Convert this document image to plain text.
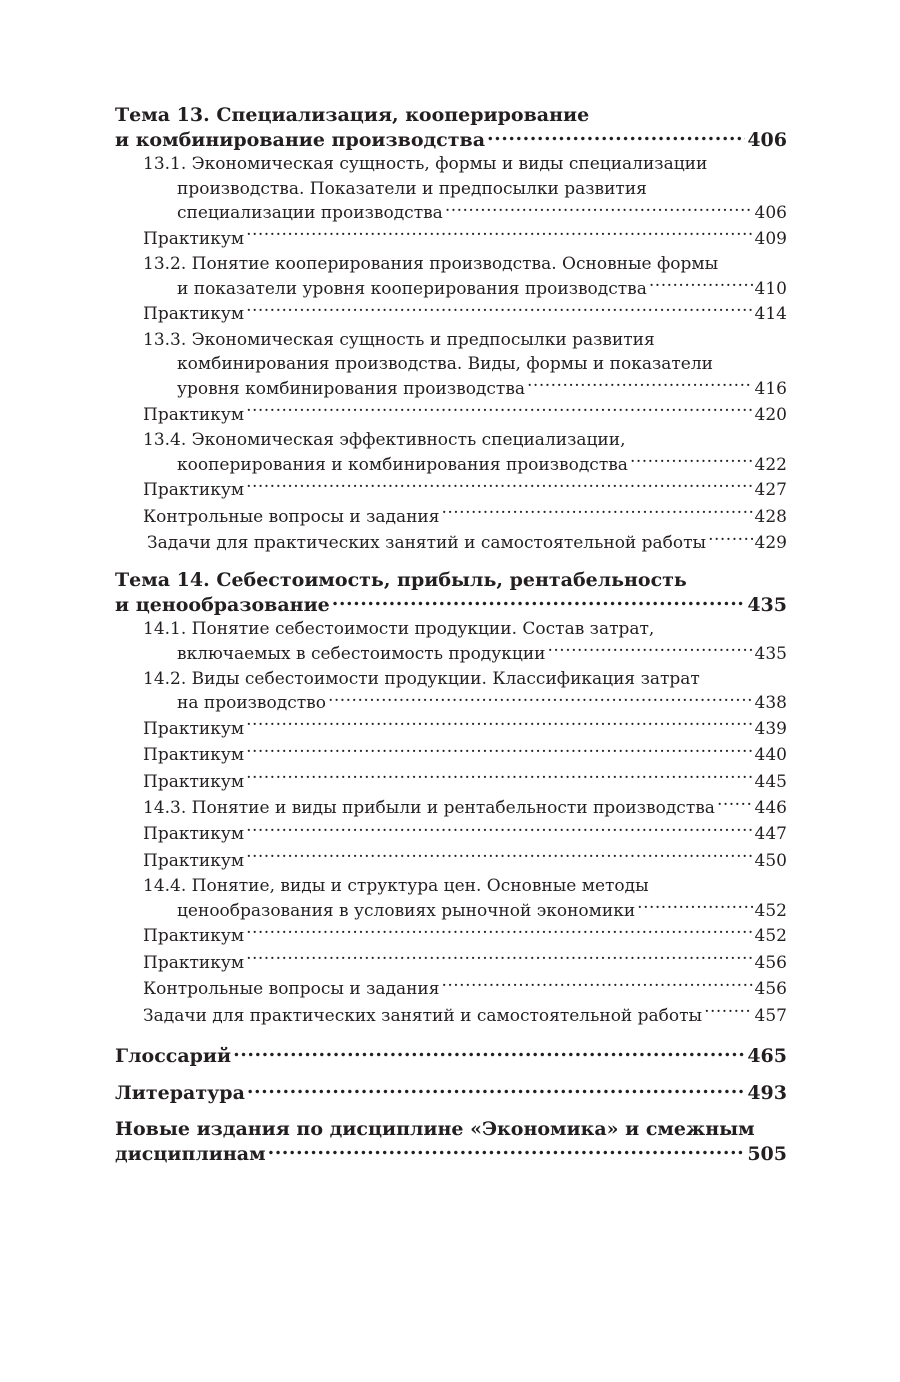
Тема 13. Специализация, кооперирование
и комбинирование производства .....	406
13.1. Экономическая сущность, формы и виды специализации
производства. Показатели и предпосылки развития
специализации производства .....	406
Практикум .....	409
13.2. Понятие кооперирования производства. Основные формы
и показатели уровня кооперирования производства .....	410
Практикум .....	414
13.3. Экономическая сущность и предпосылки развития
комбинирования производства. Виды, формы и показатели
уровня комбинирования производства .....	416
Практикум .....	420
13.4. Экономическая эффективность специализации,
кооперирования и комбинирования производства .....	422
Практикум .....	427
Контрольные вопросы и задания .....	428
Задачи для практических занятий и самостоятельной работы .....	429
Тема 14. Себестоимость, прибыль, рентабельность
и ценообразование .....	435
14.1. Понятие себестоимости продукции. Состав затрат,
включаемых в себестоимость продукции .....	435
14.2. Виды себестоимости продукции. Классификация затрат
на производство .....	438
Практикум .....	439
Практикум .....	440
Практикум .....	445
14.3. Понятие и виды прибыли и рентабельности производства ..... 446
Практикум .....	447
Практикум .....	450
14.4. Понятие, виды и структура цен. Основные методы
ценообразования в условиях рыночной экономики .....	452
Практикум .....	452
Практикум .....	456
Контрольные вопросы и задания .....	456
Задачи для практических занятий и самостоятельной работы .....	457
Глоссарий .....	465
Литература .....	493
Новые издания по дисциплине «Экономика» и смежным
дисциплинам .....	505
